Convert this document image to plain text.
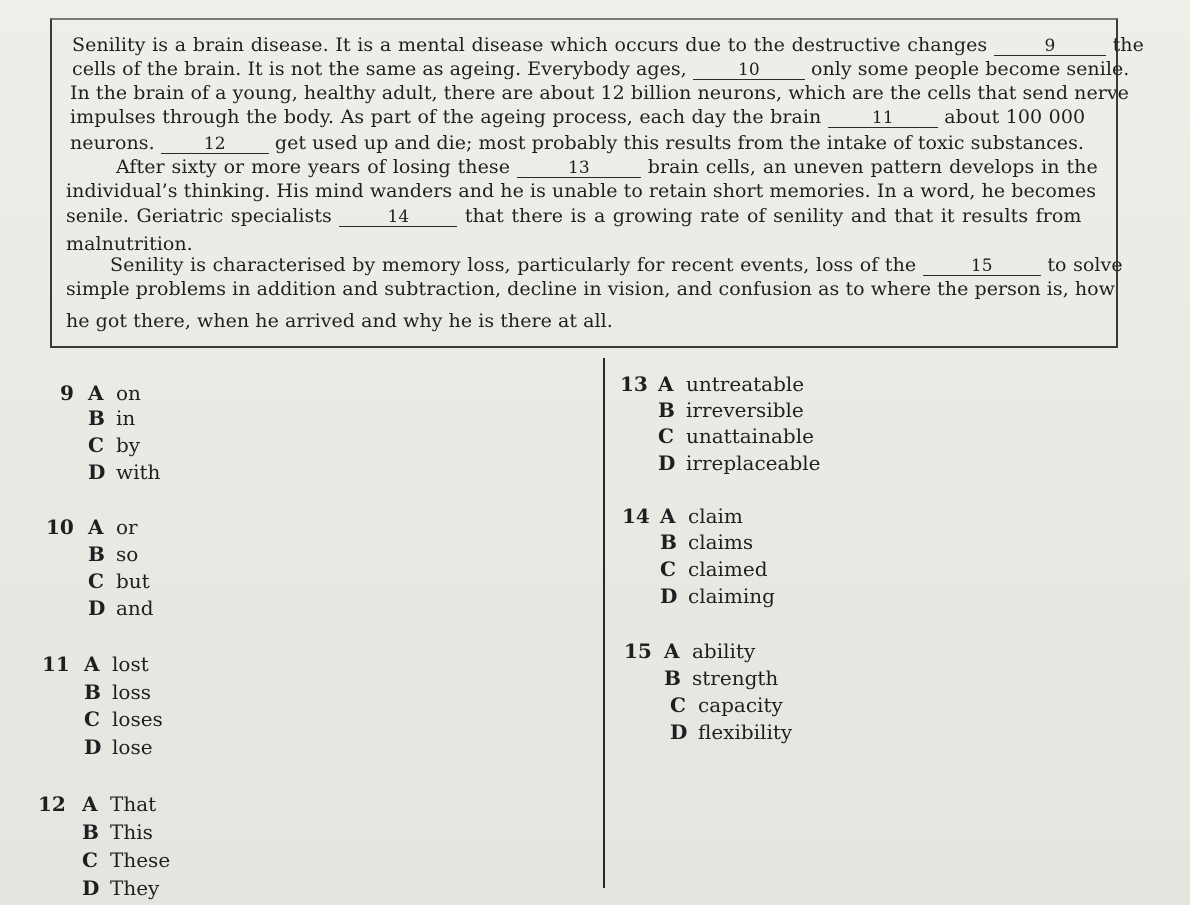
Senility is a brain disease. It is a mental disease which occurs due to the destructive changes	9	the
cells of the brain. It is not the same as ageing. Everybody ages,	10 only some people become senile.
In the brain of a young, healthy adult, there are about 12 billion neurons, which are the cells that send nerve
impulses through the body. As part of the ageing process, each day the brain	11 about 100 000
neurons.	12 get used up and die; most probably this results from the intake of toxic substances.
After sixty or more years of losing these	13	brain cells, an uneven pattern develops in the
individual’s thinking. His mind wanders and he is unable to retain short memories. In a word, he becomes
senile. Geriatric specialists	14	that there is a growing rate of senility and that it results from
malnutrition.
Senility is characterised by memory loss, particularly for recent events, loss of the	15	to solve
simple problems in addition and subtraction, decline in vision, and confusion as to where the person is, how
he got there, when he arrived and why he is there at all.
9 A on
B in
C by
D with
10 A or
B so
C but
D and
11 A lost
B loss
C loses
D lose
12 A That
B This
C These
D They
13 A untreatable
B irreversible
C unattainable
D irreplaceable
14 A claim
B claims
C claimed
D claiming
15 A ability
B strength
C capacity
D flexibility
